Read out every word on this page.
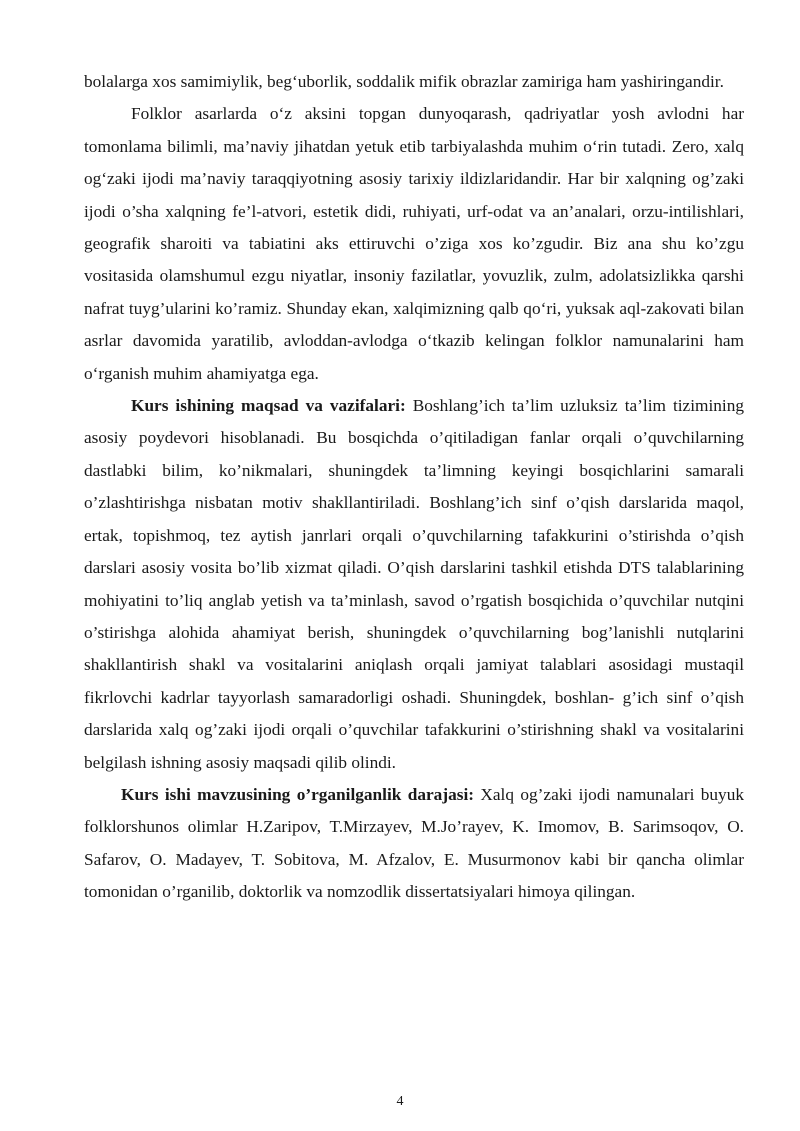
bolalarga xos samimiylik, beg‘uborlik, soddalik mifik obrazlar zamiriga ham yashiringandir.

Folklor asarlarda o‘z aksini topgan dunyoqarash, qadriyatlar yosh avlodni har tomonlama bilimli, ma’naviy jihatdan yetuk etib tarbiyalashda muhim o‘rin tutadi. Zero, xalq og‘zaki ijodi ma’naviy taraqqiyotning asosiy tarixiy ildizlaridandir. Har bir xalqning og’zaki ijodi o’sha xalqning fe’l-atvori, estetik didi, ruhiyati, urf-odat va an’analari, orzu-intilishlari, geografik sharoiti va tabiatini aks ettiruvchi o’ziga xos ko’zgudir. Biz ana shu ko’zgu vositasida olamshumul ezgu niyatlar, insoniy fazilatlar, yovuzlik, zulm, adolatsizlikka qarshi nafrat tuyg’ularini ko’ramiz. Shunday ekan, xalqimizning qalb qo‘ri, yuksak aql-zakovati bilan asrlar davomida yaratilib, avloddan-avlodga o‘tkazib kelingan folklor namunalarini ham o‘rganish muhim ahamiyatga ega.

Kurs ishining maqsad va vazifalari: Boshlang’ich ta’lim uzluksiz ta’lim tizimining asosiy poydevori hisoblanadi. Bu bosqichda o’qitiladigan fanlar orqali o’quvchilarning dastlabki bilim, ko’nikmalari, shuningdek ta’limning keyingi bosqichlarini samarali o’zlashtirishga nisbatan motiv shakllantiriladi. Boshlang’ich sinf o’qish darslarida maqol, ertak, topishmoq, tez aytish janrlari orqali o’quvchilarning tafakkurini o’stirishda o’qish darslari asosiy vosita bo’lib xizmat qiladi. O’qish darslarini tashkil etishda DTS talablarining mohiyatini to’liq anglab yetish va ta’minlash, savod o’rgatish bosqichida o’quvchilar nutqini o’stirishga alohida ahamiyat berish, shuningdek o’quvchilarning bog’lanishli nutqlarini shakllantirish shakl va vositalarini aniqlash orqali jamiyat talablari asosidagi mustaqil fikrlovchi kadrlar tayyorlash samaradorligi oshadi. Shuningdek, boshlan- g’ich sinf o’qish darslarida xalq og’zaki ijodi orqali o’quvchilar tafakkurini o’stirishning shakl va vositalarini belgilash ishning asosiy maqsadi qilib olindi.

Kurs ishi mavzusining o’rganilganlik darajasi: Xalq og’zaki ijodi namunalari buyuk folklorshunos olimlar H.Zaripov, T.Mirzayev, M.Jo’rayev, K. Imomov, B. Sarimsoqov, O. Safarov, O. Madayev, T. Sobitova, M. Afzalov, E. Musurmonov kabi bir qancha olimlar tomonidan o’rganilib, doktorlik va nomzodlik dissertatsiyalari himoya qilingan.

4
